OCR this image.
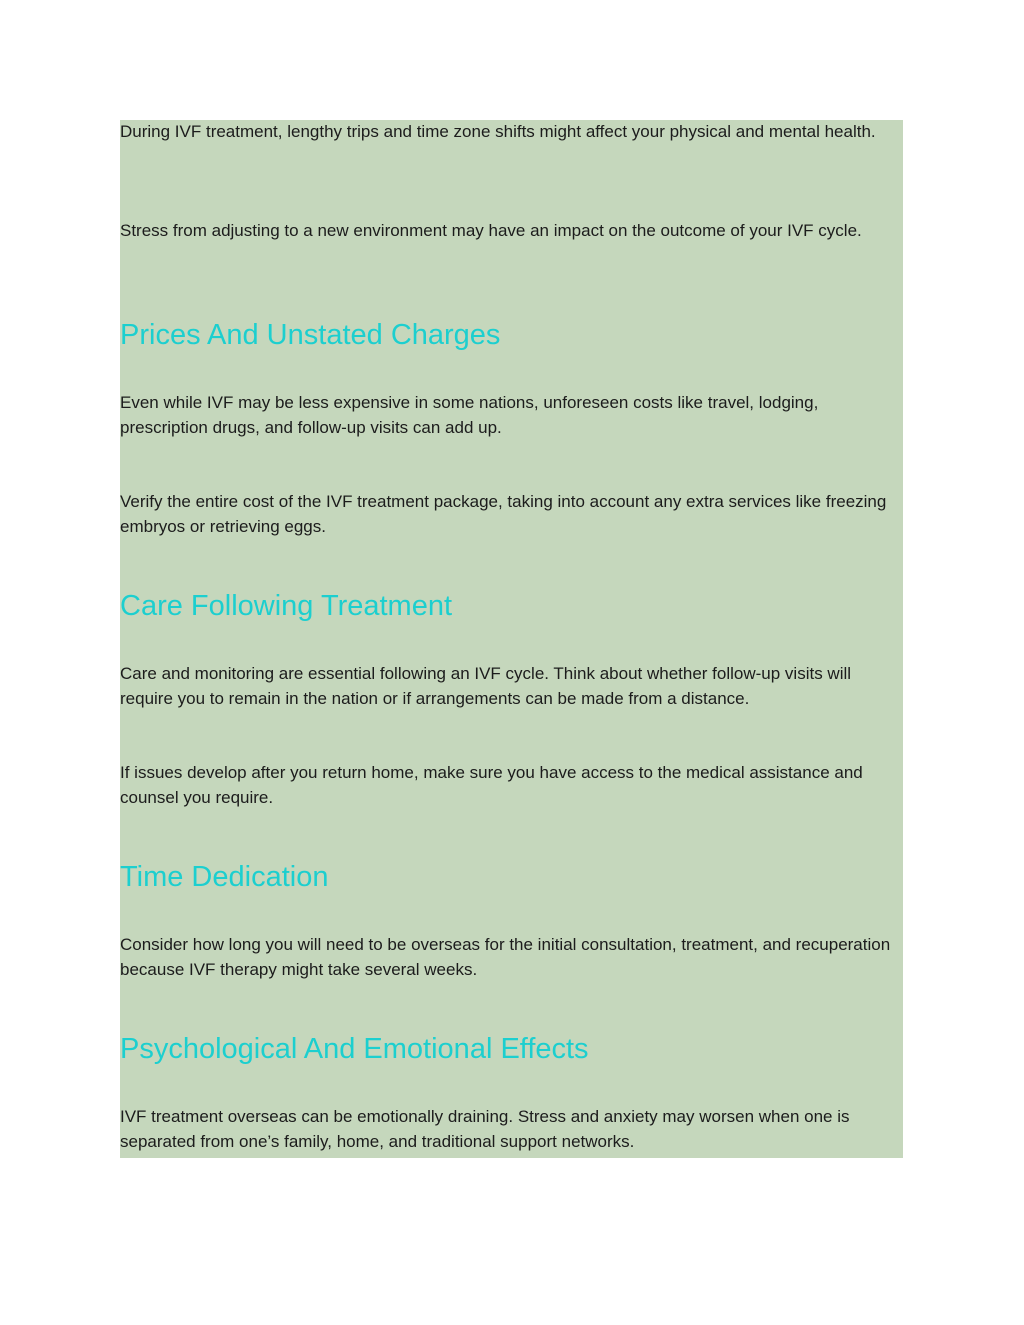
During IVF treatment, lengthy trips and time zone shifts might affect your physical and mental health.

Stress from adjusting to a new environment may have an impact on the outcome of your IVF cycle.

Prices And Unstated Charges

Even while IVF may be less expensive in some nations, unforeseen costs like travel, lodging, prescription drugs, and follow-up visits can add up.

Verify the entire cost of the IVF treatment package, taking into account any extra services like freezing embryos or retrieving eggs.

Care Following Treatment

Care and monitoring are essential following an IVF cycle. Think about whether follow-up visits will require you to remain in the nation or if arrangements can be made from a distance.

If issues develop after you return home, make sure you have access to the medical assistance and counsel you require.

Time Dedication

Consider how long you will need to be overseas for the initial consultation, treatment, and recuperation because IVF therapy might take several weeks.

Psychological And Emotional Effects

IVF treatment overseas can be emotionally draining. Stress and anxiety may worsen when one is separated from one’s family, home, and traditional support networks.
